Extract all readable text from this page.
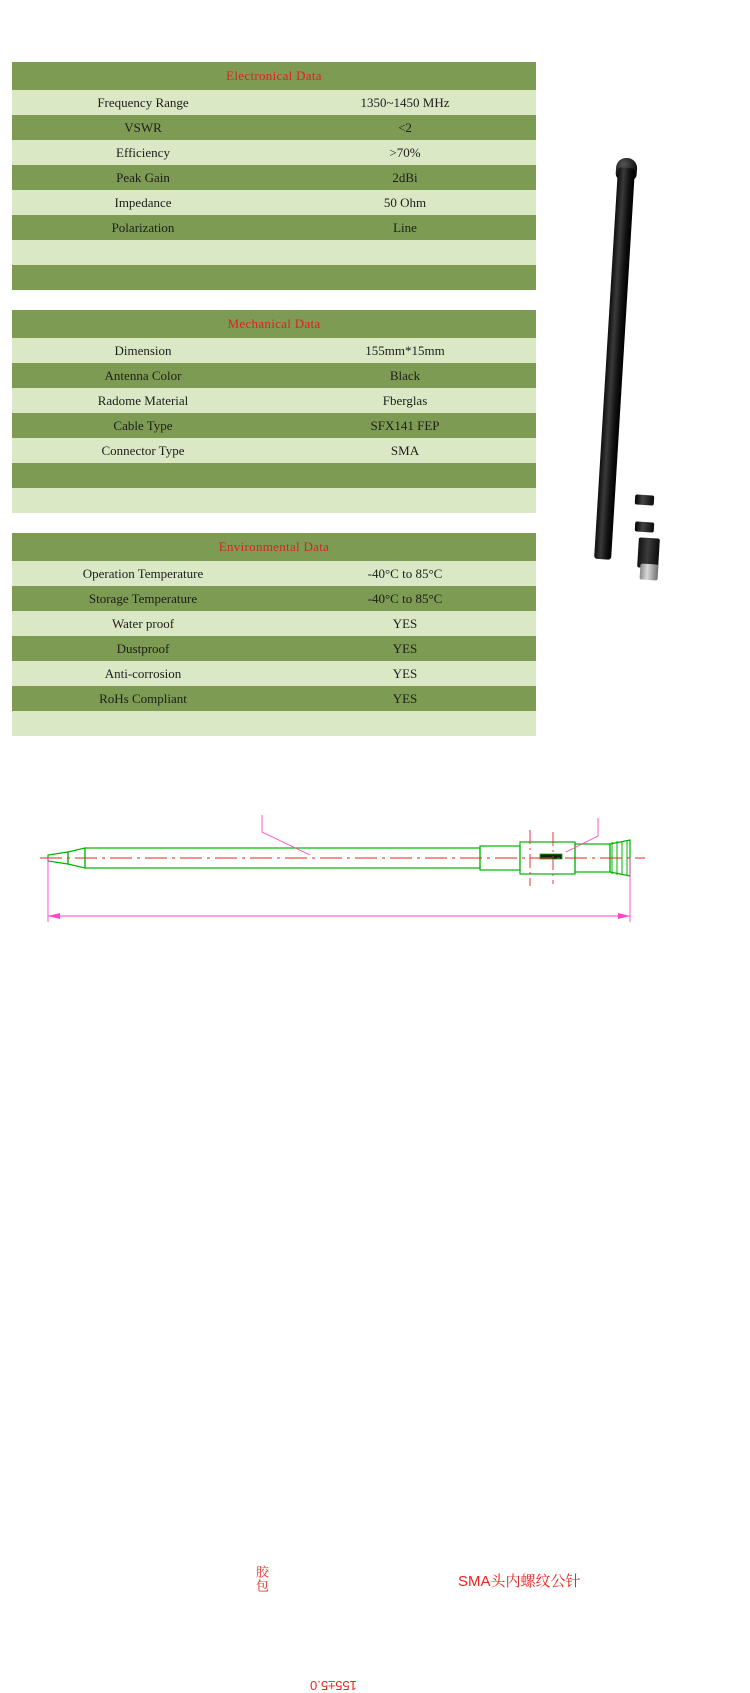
Electronical Data	
Frequency Range	1350~1450 MHz
VSWR	<2
Efficiency	>70%
Peak Gain	2dBi
Impedance	50 Ohm
Polarization	Line

Mechanical Data	
Dimension	155mm*15mm
Antenna Color	Black
Radome Material	Fberglas
Cable Type	SFX141 FEP
Connector Type	SMA

Environmental Data	
Operation Temperature	-40°C to 85°C
Storage Temperature	-40°C to 85°C
Water proof	YES
Dustproof	YES
Anti-corrosion	YES
RoHs Compliant	YES

胶包	SMA头内螺纹公针
155±5.0
